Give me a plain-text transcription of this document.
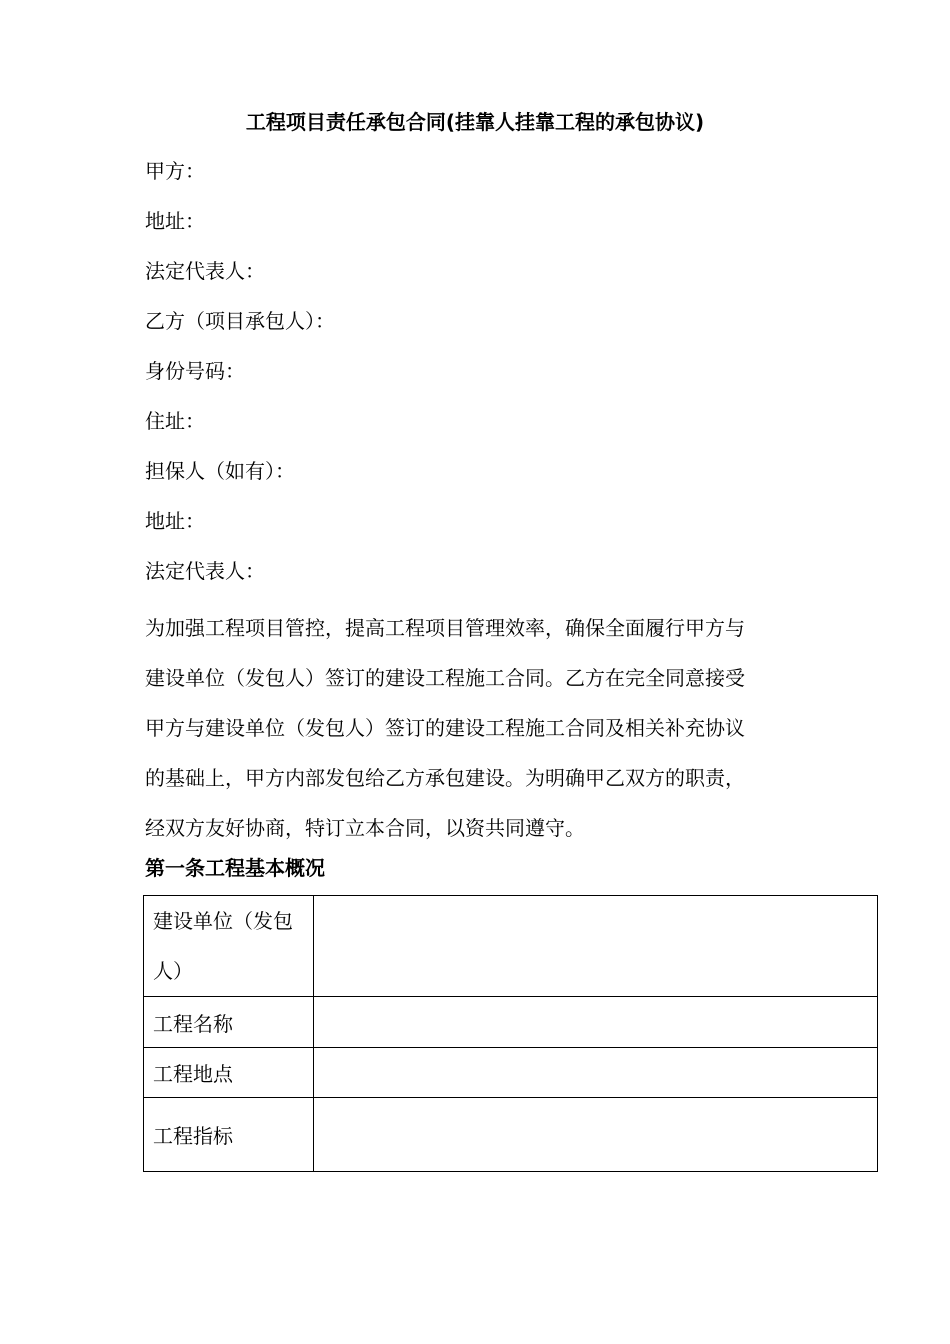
工程项目责任承包合同(挂靠人挂靠工程的承包协议)
甲方：
地址：
法定代表人：
乙方（项目承包人）：
身份号码：
住址：
担保人（如有）：
地址：
法定代表人：
为加强工程项目管控，提高工程项目管理效率，确保全面履行甲方与
建设单位（发包人）签订的建设工程施工合同。乙方在完全同意接受
甲方与建设单位（发包人）签订的建设工程施工合同及相关补充协议
的基础上，甲方内部发包给乙方承包建设。为明确甲乙双方的职责，
经双方友好协商，特订立本合同，以资共同遵守。
第一条工程基本概况
建设单位（发包人）	
工程名称	
工程地点	
工程指标	
